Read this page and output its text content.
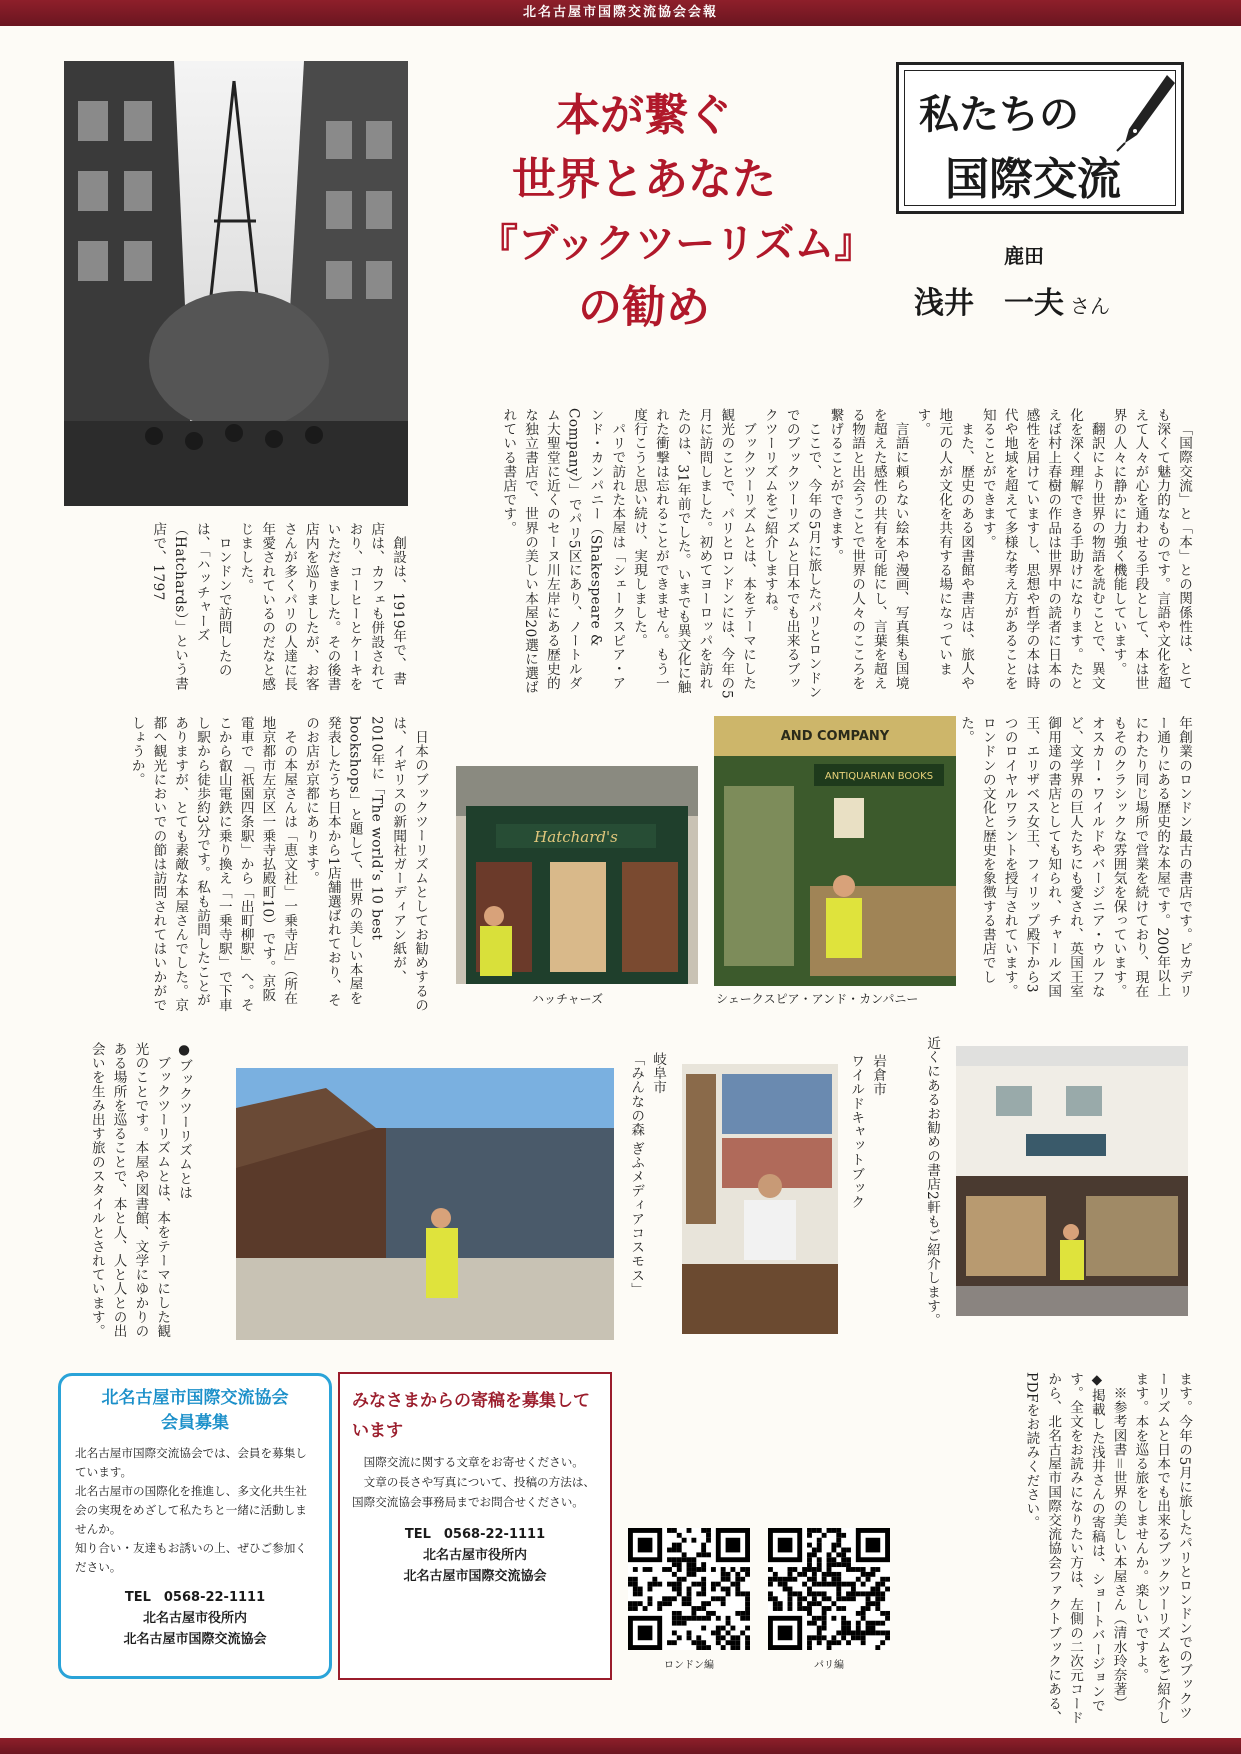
北名古屋市国際交流協会会報
本が繋ぐ
世界とあなた
『ブックツーリズム』
の勧め
私たちの
国際交流
鹿田
浅井　一夫 さん

「国際交流」と「本」との関係性は、とても深くて魅力的なものです。言語や文化を超えて人々が心を通わせる手段として、本は世界の人々に静かに力強く機能しています。

翻訳により世界の物語を読むことで、異文化を深く理解できる手助けになります。たとえば村上春樹の作品は世界中の読者に日本の感性を届けていますし、思想や哲学の本は時代や地域を超えて多様な考え方があることを知ることができます。

また、歴史のある図書館や書店は、旅人や地元の人が文化を共有する場になっています。

言語に頼らない絵本や漫画、写真集も国境を超えた感性の共有を可能にし、言葉を超える物語と出会うことで世界の人々のこころを繋げることができます。

ここで、今年の5月に旅したパリとロンドンでのブックツーリズムと日本でも出来るブックツーリズムをご紹介しますね。

ブックツーリズムとは、本をテーマにした観光のことで、パリとロンドンには、今年の5月に訪問しました。初めてヨーロッパを訪れたのは、31年前でした。いまでも異文化に触れた衝撃は忘れることができません。もう一度行こうと思い続け、実現しました。

パリで訪れた本屋は「シェークスピア・アンド・カンパニー（Shakespeare & Company）」でパリ5区にあり、ノートルダム大聖堂に近くのセーヌ川左岸にある歴史的な独立書店で、世界の美しい本屋20選に選ばれている書店です。

創設は、1919年で、書店は、カフェも併設されており、コーヒーとケーキをいただきました。その後書店内を巡りましたが、お客さんが多くパリの人達に長年愛されているのだなと感じました。

ロンドンで訪問したのは、「ハッチャーズ（Hatchards）」という書店で、1797

年創業のロンドン最古の書店です。ピカデリー通りにある歴史的な本屋です。200年以上にわたり同じ場所で営業を続けており、現在もそのクラシックな雰囲気を保っています。オスカー・ワイルドやバージニア・ウルフなど、文学界の巨人たちにも愛され、英国王室御用達の書店としても知られ、チャールズ国王、エリザベス女王、フィリップ殿下から3つのロイヤルワラントを授与されています。ロンドンの文化と歴史を象徴する書店でした。

日本のブックツーリズムとしてお勧めするのは、イギリスの新聞社ガーディアン紙が、2010年に「The world’s 10 best bookshops」と題して、世界の美しい本屋を発表したうち日本から1店舗選ばれており、そのお店が京都にあります。

その本屋さんは「恵文社」一乗寺店」（所在地京都市左京区一乗寺払殿町10）です。京阪電車で「祇園四条駅」から「出町柳駅」へ。そこから叡山電鉄に乗り換え「一乗寺駅」で下車し駅から徒歩約3分です。私も訪問したことがありますが、とても素敵な本屋さんでした。京都へ観光においでの節は訪問されてはいかがでしょうか。

●ブックツーリズムとは

ブックツーリズムとは、本をテーマにした観光のことです。本屋や図書館、文学にゆかりのある場所を巡ることで、本と人、人と人との出会いを生み出す旅のスタイルとされています。

ます。今年の5月に旅したパリとロンドンでのブックツーリズムと日本でも出来るブックツーリズムをご紹介します。本を巡る旅をしませんか。楽しいですよ。

※参考図書＝世界の美しい本屋さん（清水玲奈著）

◆掲載した浅井さんの寄稿は、ショートバージョンです。全文をお読みになりたい方は、左側の二次元コードから、北名古屋市国際交流協会ファクトブックにある、PDFをお読みください。

近くにあるお勧めの書店2軒もご紹介します。

岩倉市

ワイルドキャットブック

岐阜市

「みんなの森 ぎふメディアコスモス」

Hatchard's
ハッチャーズ
AND COMPANY
ANTIQUARIAN BOOKS
シェークスピア・アンド・カンパニー
北名古屋市国際交流協会
会員募集
北名古屋市国際交流協会では、会員を募集しています。
北名古屋市の国際化を推進し、多文化共生社会の実現をめざして私たちと一緒に活動しませんか。
知り合い・友達もお誘いの上、ぜひご参加ください。
TEL　0568-22-1111
北名古屋市役所内
北名古屋市国際交流協会
みなさまからの寄稿を募集しています

国際交流に関する文章をお寄せください。

文章の長さや写真について、投稿の方法は、国際交流協会事務局までお問合せください。

TEL　0568-22-1111
北名古屋市役所内
北名古屋市国際交流協会
ロンドン編	パリ編
